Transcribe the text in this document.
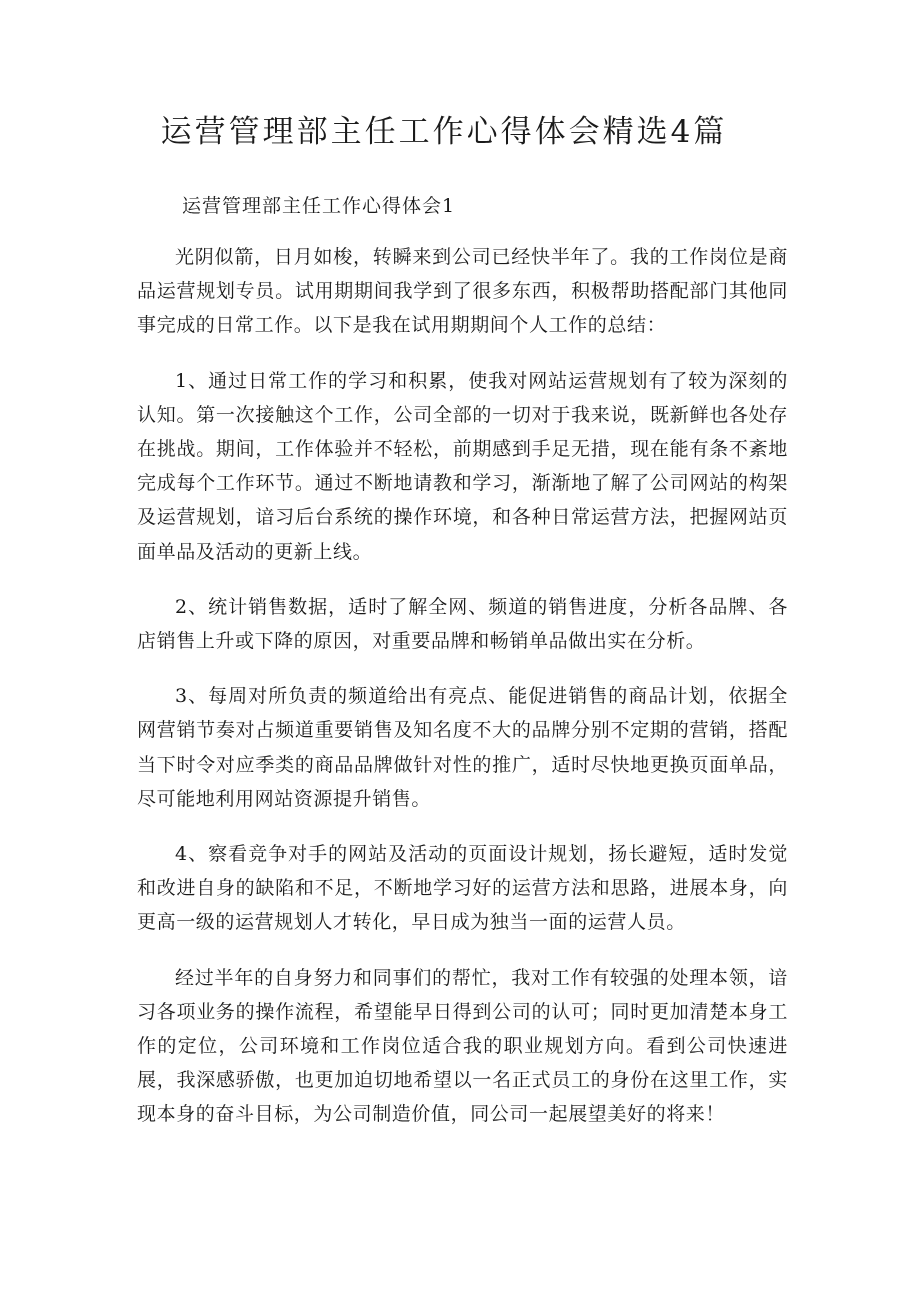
运营管理部主任工作心得体会精选4篇

运营管理部主任工作心得体会1

光阴似箭，日月如梭，转瞬来到公司已经快半年了。我的工作岗位是商品运营规划专员。试用期期间我学到了很多东西，积极帮助搭配部门其他同事完成的日常工作。以下是我在试用期期间个人工作的总结：

1、通过日常工作的学习和积累，使我对网站运营规划有了较为深刻的认知。第一次接触这个工作，公司全部的一切对于我来说，既新鲜也各处存在挑战。期间，工作体验并不轻松，前期感到手足无措，现在能有条不紊地完成每个工作环节。通过不断地请教和学习，渐渐地了解了公司网站的构架及运营规划，谙习后台系统的操作环境，和各种日常运营方法，把握网站页面单品及活动的更新上线。

2、统计销售数据，适时了解全网、频道的销售进度，分析各品牌、各店销售上升或下降的原因，对重要品牌和畅销单品做出实在分析。

3、每周对所负责的频道给出有亮点、能促进销售的商品计划，依据全网营销节奏对占频道重要销售及知名度不大的品牌分别不定期的营销，搭配当下时令对应季类的商品品牌做针对性的推广，适时尽快地更换页面单品，尽可能地利用网站资源提升销售。

4、察看竞争对手的网站及活动的页面设计规划，扬长避短，适时发觉和改进自身的缺陷和不足，不断地学习好的运营方法和思路，进展本身，向更高一级的运营规划人才转化，早日成为独当一面的运营人员。

经过半年的自身努力和同事们的帮忙，我对工作有较强的处理本领，谙习各项业务的操作流程，希望能早日得到公司的认可；同时更加清楚本身工作的定位，公司环境和工作岗位适合我的职业规划方向。看到公司快速进展，我深感骄傲，也更加迫切地希望以一名正式员工的身份在这里工作，实现本身的奋斗目标，为公司制造价值，同公司一起展望美好的将来！
